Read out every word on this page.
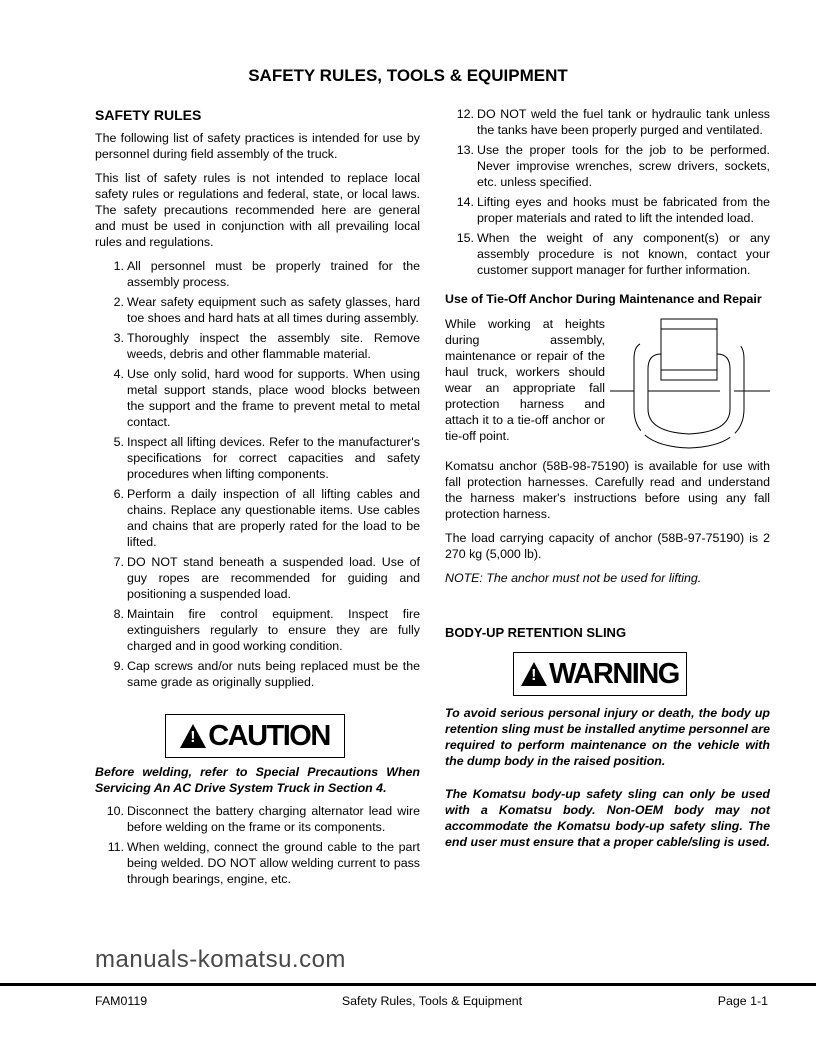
SAFETY RULES, TOOLS & EQUIPMENT
SAFETY RULES

The following list of safety practices is intended for use by personnel during field assembly of the truck.

This list of safety rules is not intended to replace local safety rules or regulations and federal, state, or local laws. The safety precautions recommended here are general and must be used in conjunction with all prevailing local rules and regulations.

1. All personnel must be properly trained for the assembly process.
2. Wear safety equipment such as safety glasses, hard toe shoes and hard hats at all times during assembly.
3. Thoroughly inspect the assembly site. Remove weeds, debris and other flammable material.
4. Use only solid, hard wood for supports. When using metal support stands, place wood blocks between the support and the frame to prevent metal to metal contact.
5. Inspect all lifting devices. Refer to the manufacturer's specifications for correct capacities and safety procedures when lifting components.
6. Perform a daily inspection of all lifting cables and chains. Replace any questionable items. Use cables and chains that are properly rated for the load to be lifted.
7. DO NOT stand beneath a suspended load. Use of guy ropes are recommended for guiding and positioning a suspended load.
8. Maintain fire control equipment. Inspect fire extinguishers regularly to ensure they are fully charged and in good working condition.
9. Cap screws and/or nuts being replaced must be the same grade as originally supplied.
! CAUTION

Before welding, refer to Special Precautions When Servicing An AC Drive System Truck in Section 4.

10. Disconnect the battery charging alternator lead wire before welding on the frame or its components.
11. When welding, connect the ground cable to the part being welded. DO NOT allow welding current to pass through bearings, engine, etc.
12. DO NOT weld the fuel tank or hydraulic tank unless the tanks have been properly purged and ventilated.
13. Use the proper tools for the job to be performed. Never improvise wrenches, screw drivers, sockets, etc. unless specified.
14. Lifting eyes and hooks must be fabricated from the proper materials and rated to lift the intended load.
15. When the weight of any component(s) or any assembly procedure is not known, contact your customer support manager for further information.
Use of Tie-Off Anchor During Maintenance and Repair

While working at heights during assembly, maintenance or repair of the haul truck, workers should wear an appropriate fall protection harness and attach it to a tie-off anchor or tie-off point.

Komatsu anchor (58B-98-75190) is available for use with fall protection harnesses. Carefully read and understand the harness maker's instructions before using any fall protection harness.

The load carrying capacity of anchor (58B-97-75190) is 2 270 kg (5,000 lb).

NOTE: The anchor must not be used for lifting.

BODY-UP RETENTION SLING
! WARNING

To avoid serious personal injury or death, the body up retention sling must be installed anytime personnel are required to perform maintenance on the vehicle with the dump body in the raised position.

The Komatsu body-up safety sling can only be used with a Komatsu body. Non-OEM body may not accommodate the Komatsu body-up safety sling. The end user must ensure that a proper cable/sling is used.

manuals-komatsu.com
FAM0119	Safety Rules, Tools & Equipment	Page 1-1
